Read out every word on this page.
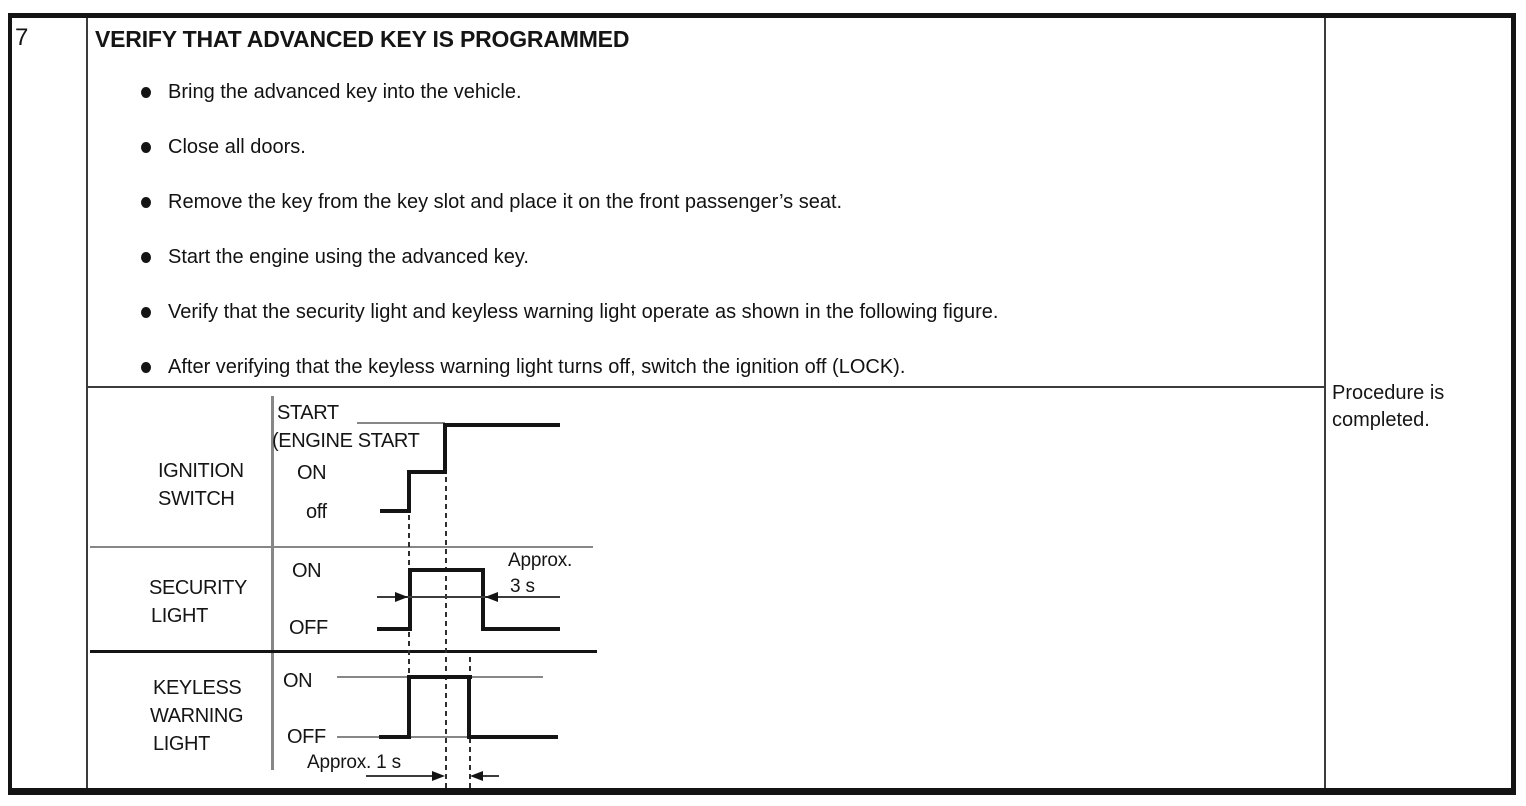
7	VERIFY THAT ADVANCED KEY IS PROGRAMMED
Bring the advanced key into the vehicle.
Close all doors.
Remove the key from the key slot and place it on the front passenger’s seat.
Start the engine using the advanced key.
Verify that the security light and keyless warning light operate as shown in the following figure.
After verifying that the keyless warning light turns off, switch the ignition off (LOCK).
IGNITION
SWITCH
START
(ENGINE START
ON
off
SECURITY
LIGHT
ON
OFF
Approx.
3 s
KEYLESS
WARNING
LIGHT
ON
OFF
Approx. 1 s
Procedure is
completed.
